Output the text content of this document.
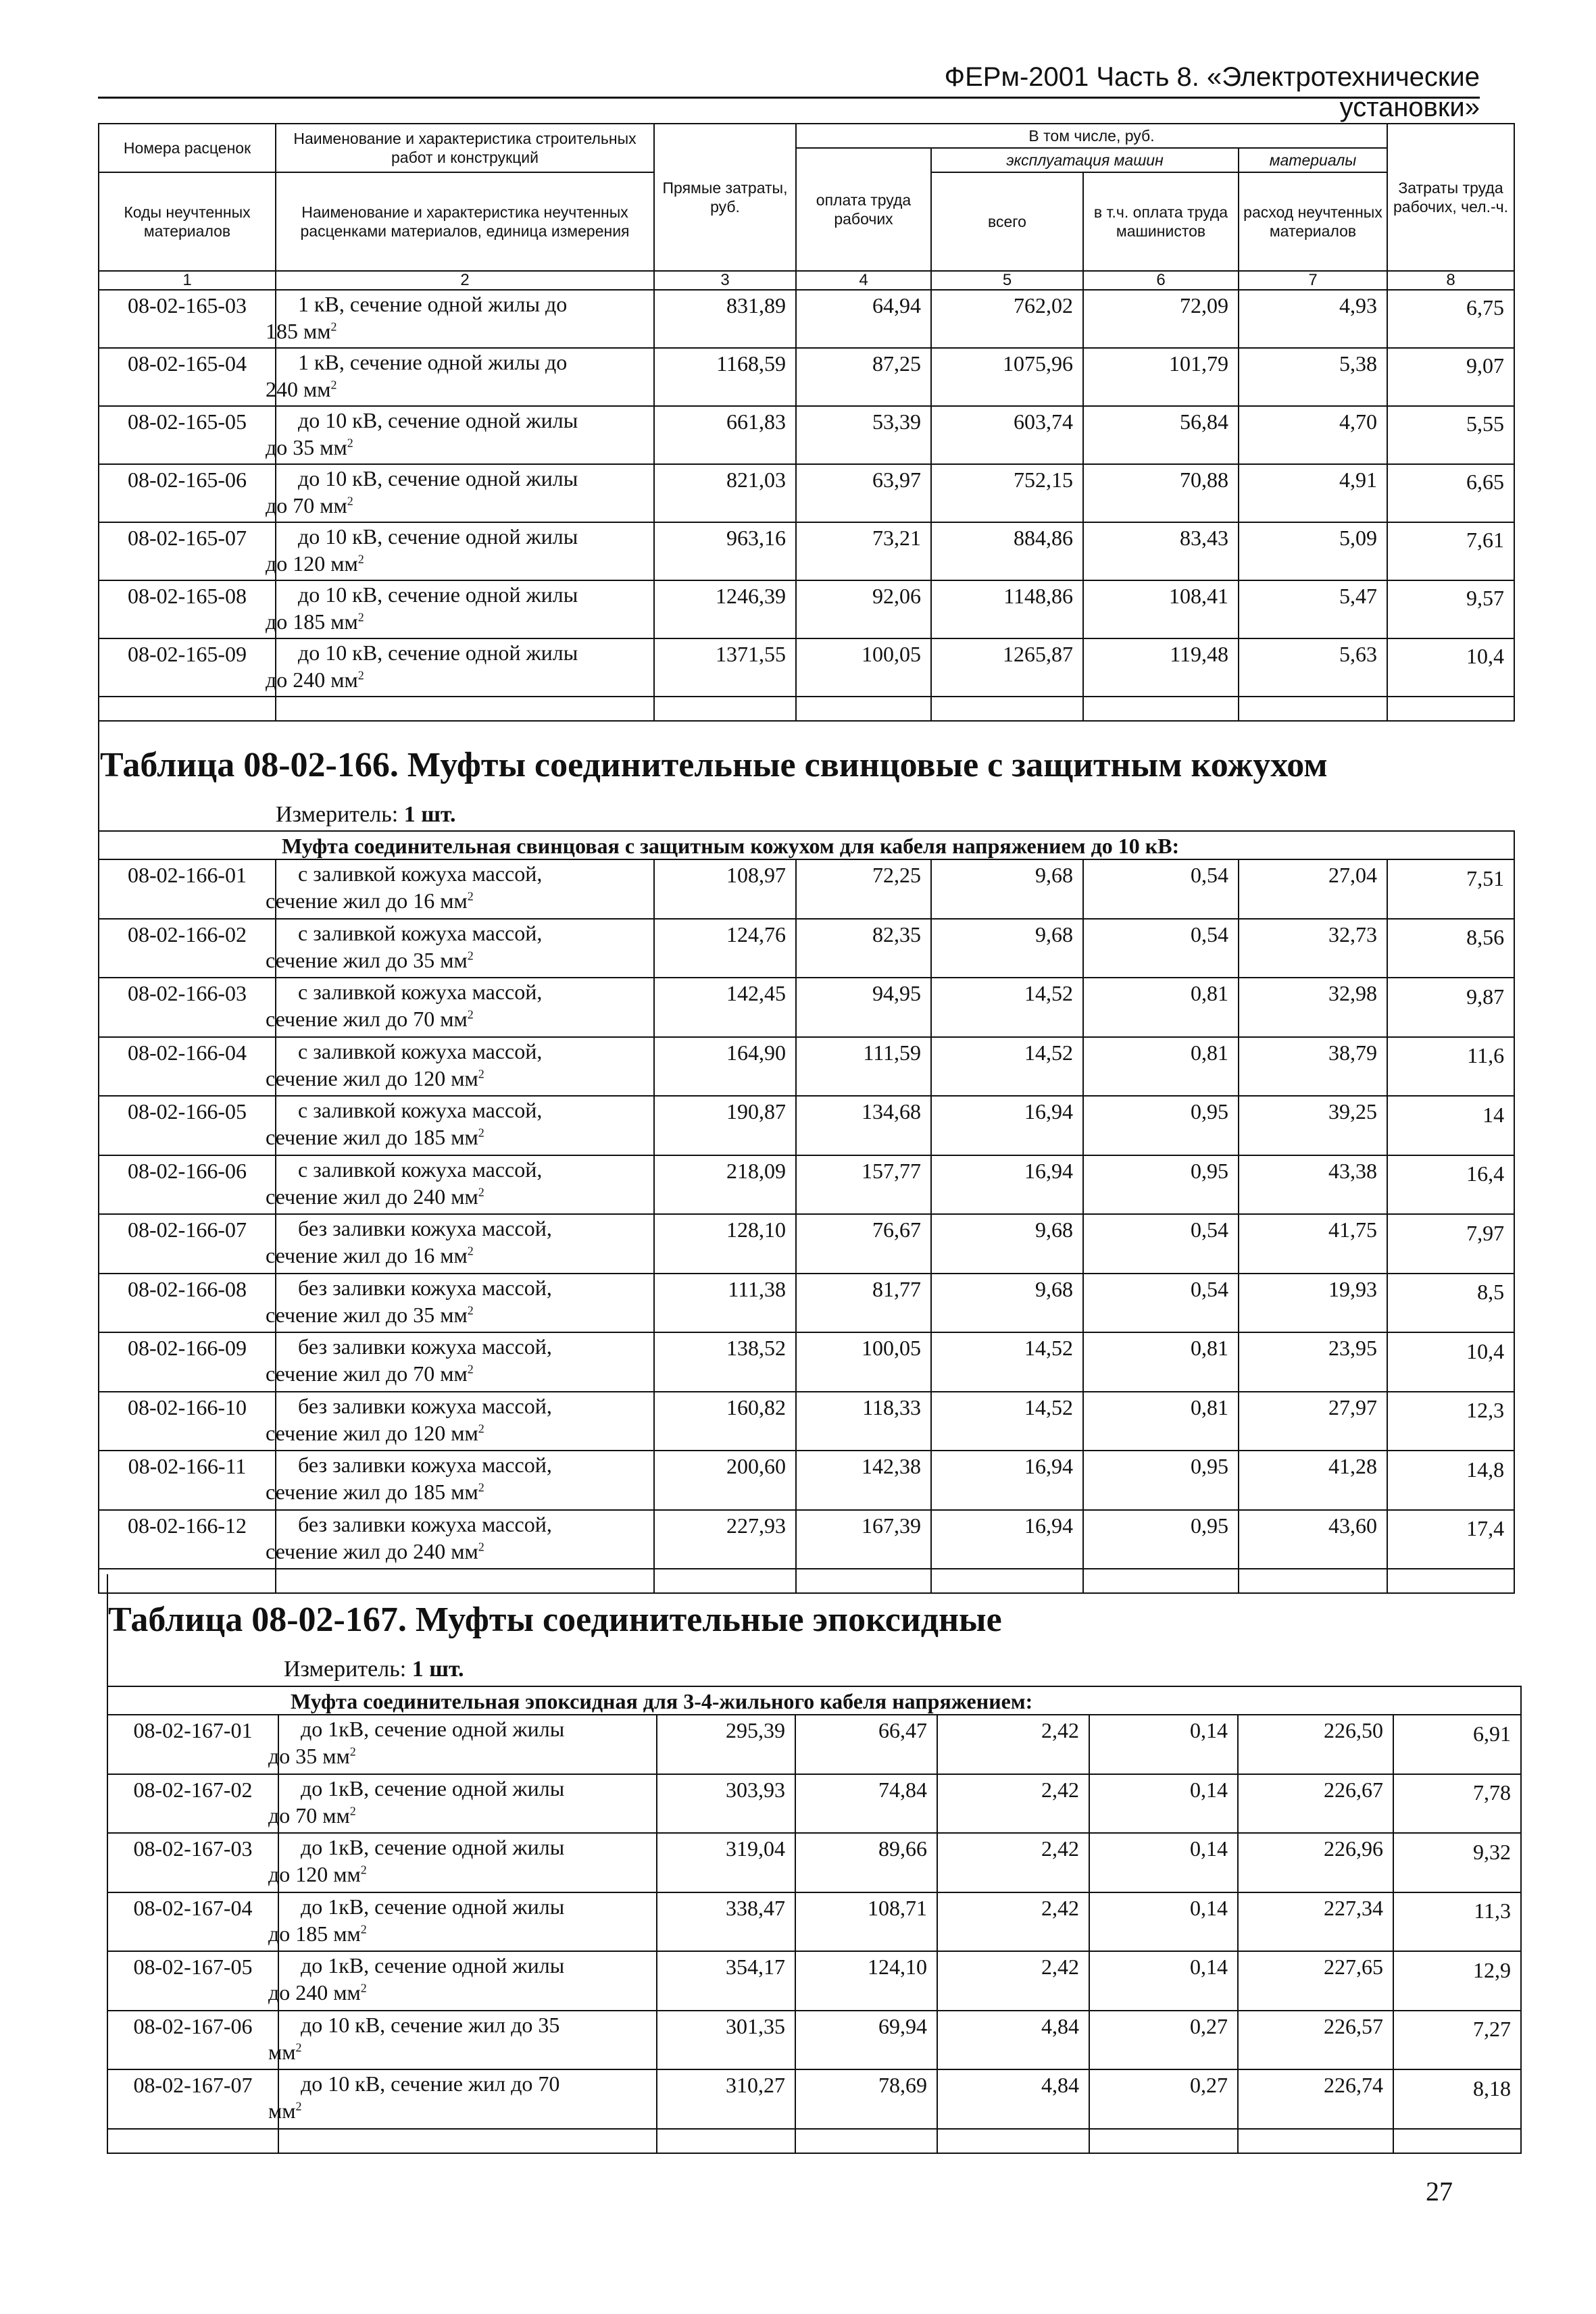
ФЕРм-2001 Часть 8. «Электротехнические установки»
Номера расценок	Наименование и характеристика строительных работ и конструкций	Прямые затраты, руб.	В том числе, руб.				Затраты труда рабочих, чел.-ч.
			оплата труда рабочих	эксплуатация машин		материалы	
Коды неучтенных материалов	Наименование и характеристика неучтенных расценками материалов, единица измерения			всего	в т.ч. оплата труда машинистов	расход неучтенных материалов	

1	2	3	4	5	6	7	8
08-02-165-03	1 кВ, сечение одной жилы до
185 $мм^2$	831,89	64,94	762,02	72,09	4,93	6,75
08-02-165-04	1 кВ, сечение одной жилы до
240 $мм^2$	1168,59	87,25	1075,96	101,79	5,38	9,07
08-02-165-05	до 10 кВ, сечение одной жилы
до 35 $мм^2$	661,83	53,39	603,74	56,84	4,70	5,55
08-02-165-06	до 10 кВ, сечение одной жилы
до 70 $мм^2$	821,03	63,97	752,15	70,88	4,91	6,65
08-02-165-07	до 10 кВ, сечение одной жилы
до 120 $мм^2$	963,16	73,21	884,86	83,43	5,09	7,61
08-02-165-08	до 10 кВ, сечение одной жилы
до 185 $мм^2$	1246,39	92,06	1148,86	108,41	5,47	9,57
08-02-165-09	до 10 кВ, сечение одной жилы
до 240 $мм^2$	1371,55	100,05	1265,87	119,48	5,63	10,4

Таблица 08-02-166. Муфты соединительные свинцовые с защитным кожухом
Измеритель: 1 шт.
Муфта соединительная свинцовая с защитным кожухом для кабеля напряжением до 10 кВ:							
08-02-166-01	с заливкой кожуха массой,
сечение жил до 16 $мм^2$	108,97	72,25	9,68	0,54	27,04	7,51
08-02-166-02	с заливкой кожуха массой,
сечение жил до 35 $мм^2$	124,76	82,35	9,68	0,54	32,73	8,56
08-02-166-03	с заливкой кожуха массой,
сечение жил до 70 $мм^2$	142,45	94,95	14,52	0,81	32,98	9,87
08-02-166-04	с заливкой кожуха массой,
сечение жил до 120 $мм^2$	164,90	111,59	14,52	0,81	38,79	11,6
08-02-166-05	с заливкой кожуха массой,
сечение жил до 185 $мм^2$	190,87	134,68	16,94	0,95	39,25	14
08-02-166-06	с заливкой кожуха массой,
сечение жил до 240 $мм^2$	218,09	157,77	16,94	0,95	43,38	16,4
08-02-166-07	без заливки кожуха массой,
сечение жил до 16 $мм^2$	128,10	76,67	9,68	0,54	41,75	7,97
08-02-166-08	без заливки кожуха массой,
сечение жил до 35 $мм^2$	111,38	81,77	9,68	0,54	19,93	8,5
08-02-166-09	без заливки кожуха массой,
сечение жил до 70 $мм^2$	138,52	100,05	14,52	0,81	23,95	10,4
08-02-166-10	без заливки кожуха массой,
сечение жил до 120 $мм^2$	160,82	118,33	14,52	0,81	27,97	12,3
08-02-166-11	без заливки кожуха массой,
сечение жил до 185 $мм^2$	200,60	142,38	16,94	0,95	41,28	14,8
08-02-166-12	без заливки кожуха массой,
сечение жил до 240 $мм^2$	227,93	167,39	16,94	0,95	43,60	17,4

Таблица 08-02-167. Муфты соединительные эпоксидные
Измеритель: 1 шт.
Муфта соединительная эпоксидная для 3-4-жильного кабеля напряжением:							
08-02-167-01	до 1кВ, сечение одной жилы
до 35 $мм^2$	295,39	66,47	2,42	0,14	226,50	6,91
08-02-167-02	до 1кВ, сечение одной жилы
до 70 $мм^2$	303,93	74,84	2,42	0,14	226,67	7,78
08-02-167-03	до 1кВ, сечение одной жилы
до 120 $мм^2$	319,04	89,66	2,42	0,14	226,96	9,32
08-02-167-04	до 1кВ, сечение одной жилы
до 185 $мм^2$	338,47	108,71	2,42	0,14	227,34	11,3
08-02-167-05	до 1кВ, сечение одной жилы
до 240 $мм^2$	354,17	124,10	2,42	0,14	227,65	12,9
08-02-167-06	до 10 кВ, сечение жил до 35
$мм^2$	301,35	69,94	4,84	0,27	226,57	7,27
08-02-167-07	до 10 кВ, сечение жил до 70
$мм^2$	310,27	78,69	4,84	0,27	226,74	8,18

27
